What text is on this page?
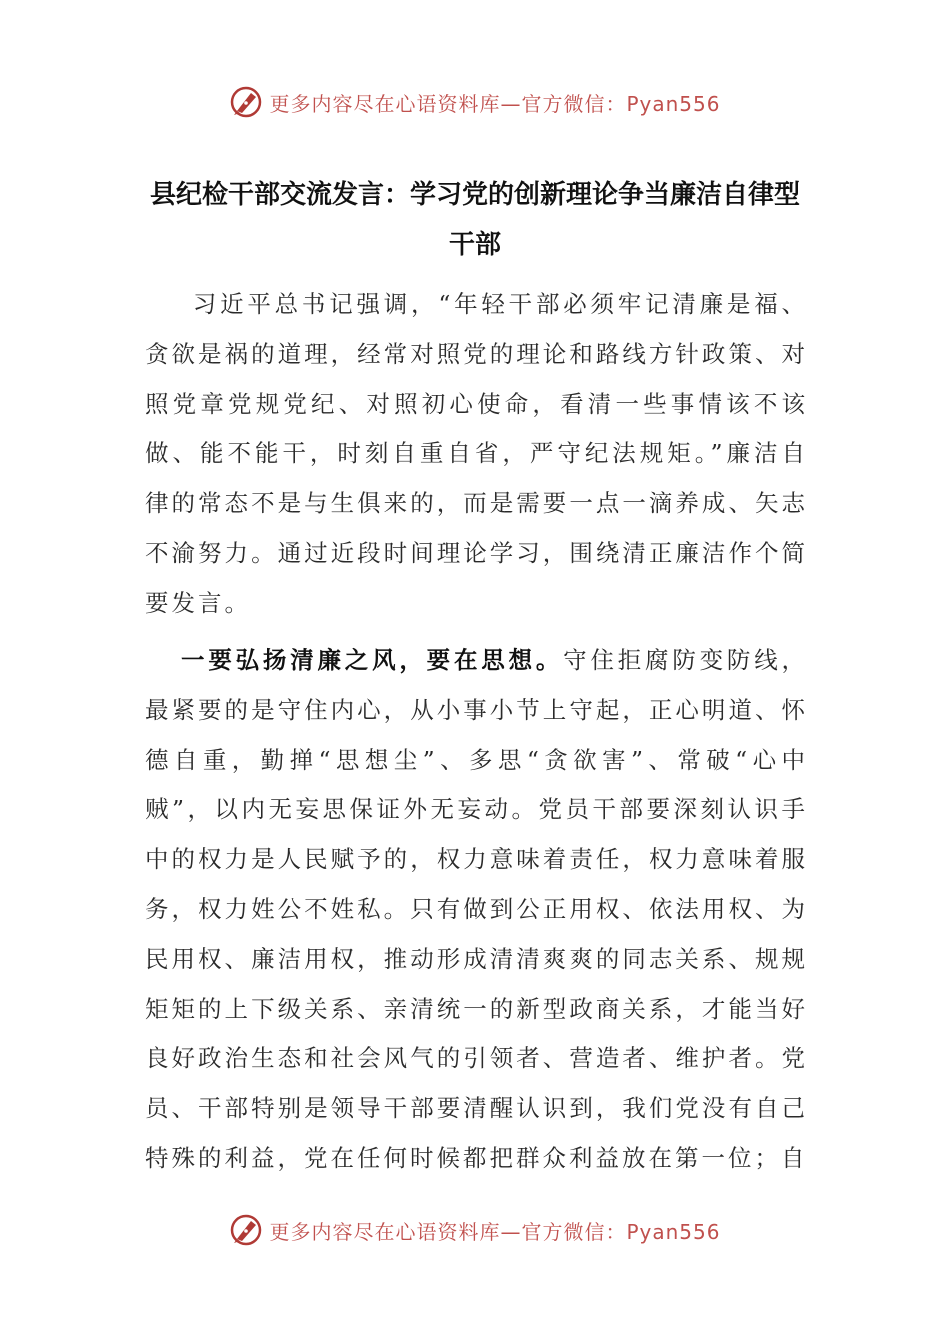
更多内容尽在心语资料库—官方微信：Pyan556
县纪检干部交流发言：学习党的创新理论争当廉洁自律型干部
习近平总书记强调，“年轻干部必须牢记清廉是福、贪欲是祸的道理，经常对照党的理论和路线方针政策、对照党章党规党纪、对照初心使命，看清一些事情该不该做、能不能干，时刻自重自省，严守纪法规矩。”廉洁自律的常态不是与生俱来的，而是需要一点一滴养成、矢志不渝努力。通过近段时间理论学习，围绕清正廉洁作个简要发言。
一要弘扬清廉之风，要在思想。守住拒腐防变防线，最紧要的是守住内心，从小事小节上守起，正心明道、怀德自重，勤掸“思想尘”、多思“贪欲害”、常破“心中贼”，以内无妄思保证外无妄动。党员干部要深刻认识手中的权力是人民赋予的，权力意味着责任，权力意味着服务，权力姓公不姓私。只有做到公正用权、依法用权、为民用权、廉洁用权，推动形成清清爽爽的同志关系、规规矩矩的上下级关系、亲清统一的新型政商关系，才能当好良好政治生态和社会风气的引领者、营造者、维护者。党员、干部特别是领导干部要清醒认识到，我们党没有自己特殊的利益，党在任何时候都把群众利益放在第一位；自
更多内容尽在心语资料库—官方微信：Pyan556
